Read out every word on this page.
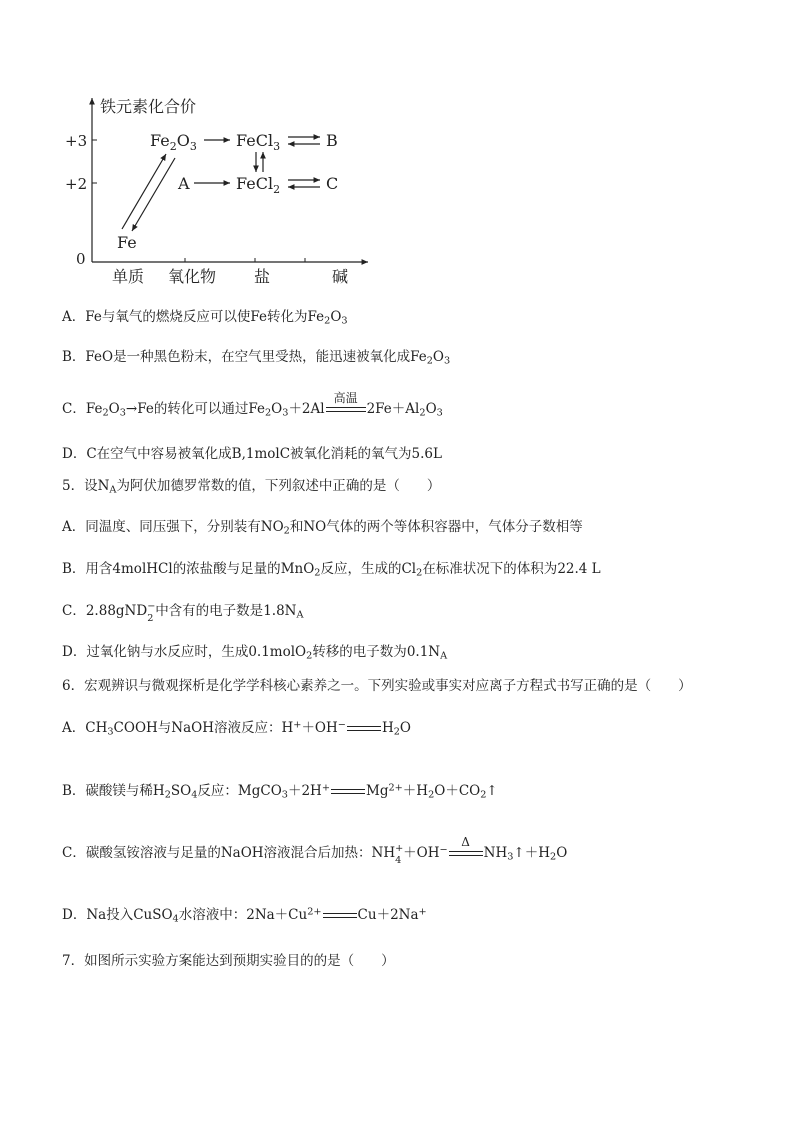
铁元素化合价
+3
+2
0
单质 氧化物 盐	碱
$Fe_2O_3$ FeCl$_3$	B
A	FeCl$_2$	C
Fe
A．Fe与氧气的燃烧反应可以使Fe转化为$Fe_2O_3$
B．FeO是一种黑色粉末，在空气里受热，能迅速被氧化成$Fe_2O_3$
C．$Fe_2O_3\to Fe$的转化可以通过$Fe_2O_3+2Al$
高温
$2Fe+Al_2O_3$
D．C在空气中容易被氧化成B,1molC被氧化消耗的氧气为5.6L
5．设$N_A$为阿伏加德罗常数的值，下列叙述中正确的是（　　）
A．同温度、同压强下，分别装有$NO_2$和NO气体的两个等体积容器中，气体分子数相等
B．用含4molHCl的浓盐酸与足量的MnO$_2$反应，生成的$Cl_2$在标准状况下的体积为22.4 L
C．2.88gND −
2 中含有的电子数是$1.8N_A$
D．过氧化钠与水反应时，生成0.1molO$_2$转移的电子数为$0.1N_A$
6．宏观辨识与微观探析是化学学科核心素养之一。下列实验或事实对应离子方程式书写正确的是（　　）
A．$CH_3COOH$与NaOH溶液反应：H+＋OH−	$H_2O$
B．碳酸镁与稀$H_2SO_4$反应：MgCO$_3$＋2H+	$Mg^{2+}+H_2O+CO_2↑$
C．碳酸氢铵溶液与足量的NaOH溶液混合后加热：NH +
4 ＋OH−
Δ
$NH_3↑+H_2O$
D．Na投入CuSO$_4$水溶液中：$2Na+Cu^{2+}$	Cu＋2Na+
7．如图所示实验方案能达到预期实验目的的是（　　）
